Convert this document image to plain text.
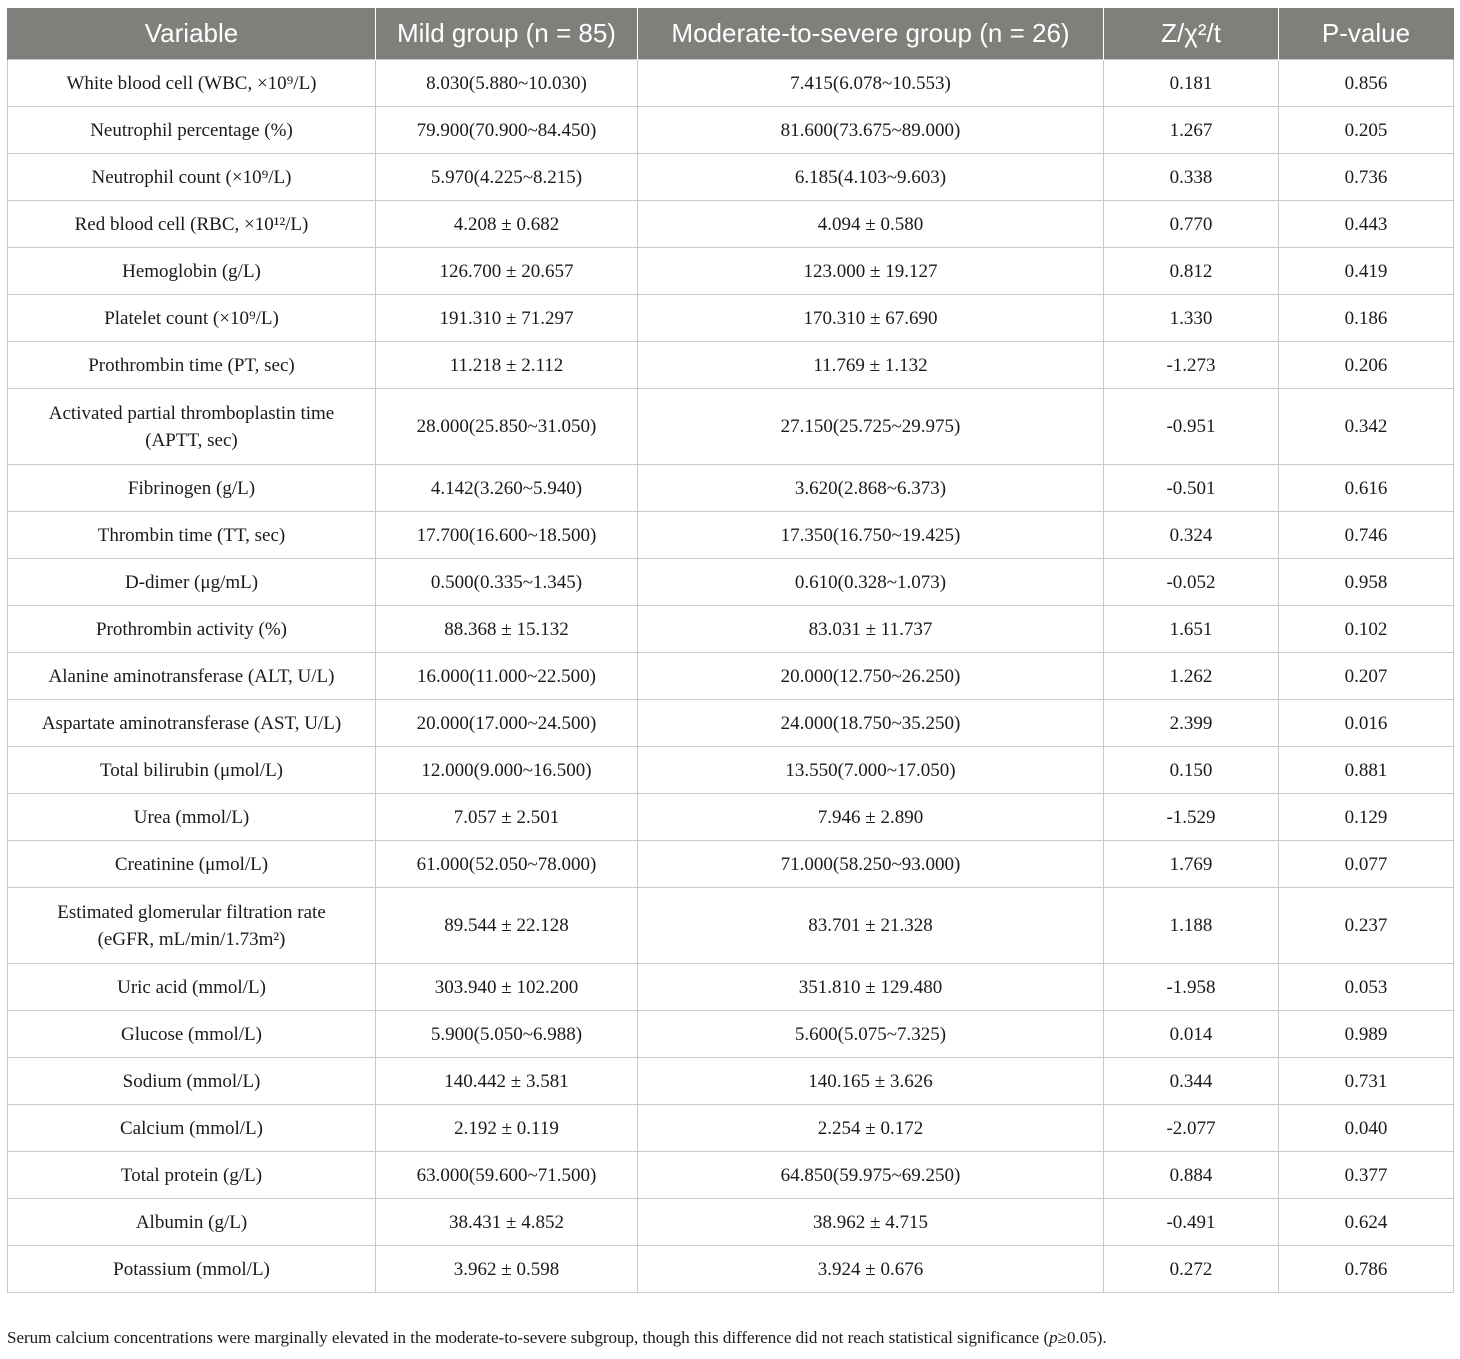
Variable	Mild group (n = 85)	Moderate-to-severe group (n = 26)	Z/χ²/t	P-value
White blood cell (WBC, ×10⁹/L)	8.030(5.880~10.030)	7.415(6.078~10.553)	0.181	0.856
Neutrophil percentage (%)	79.900(70.900~84.450)	81.600(73.675~89.000)	1.267	0.205
Neutrophil count (×10⁹/L)	5.970(4.225~8.215)	6.185(4.103~9.603)	0.338	0.736
Red blood cell (RBC, ×10¹²/L)	4.208 ± 0.682	4.094 ± 0.580	0.770	0.443
Hemoglobin (g/L)	126.700 ± 20.657	123.000 ± 19.127	0.812	0.419
Platelet count (×10⁹/L)	191.310 ± 71.297	170.310 ± 67.690	1.330	0.186
Prothrombin time (PT, sec)	11.218 ± 2.112	11.769 ± 1.132	-1.273	0.206
Activated partial thromboplastin time
(APTT, sec)	28.000(25.850~31.050)	27.150(25.725~29.975)	-0.951	0.342
Fibrinogen (g/L)	4.142(3.260~5.940)	3.620(2.868~6.373)	-0.501	0.616
Thrombin time (TT, sec)	17.700(16.600~18.500)	17.350(16.750~19.425)	0.324	0.746
D-dimer (μg/mL)	0.500(0.335~1.345)	0.610(0.328~1.073)	-0.052	0.958
Prothrombin activity (%)	88.368 ± 15.132	83.031 ± 11.737	1.651	0.102
Alanine aminotransferase (ALT, U/L)	16.000(11.000~22.500)	20.000(12.750~26.250)	1.262	0.207
Aspartate aminotransferase (AST, U/L)	20.000(17.000~24.500)	24.000(18.750~35.250)	2.399	0.016
Total bilirubin (μmol/L)	12.000(9.000~16.500)	13.550(7.000~17.050)	0.150	0.881
Urea (mmol/L)	7.057 ± 2.501	7.946 ± 2.890	-1.529	0.129
Creatinine (μmol/L)	61.000(52.050~78.000)	71.000(58.250~93.000)	1.769	0.077
Estimated glomerular filtration rate
(eGFR, mL/min/1.73m²)	89.544 ± 22.128	83.701 ± 21.328	1.188	0.237
Uric acid (mmol/L)	303.940 ± 102.200	351.810 ± 129.480	-1.958	0.053
Glucose (mmol/L)	5.900(5.050~6.988)	5.600(5.075~7.325)	0.014	0.989
Sodium (mmol/L)	140.442 ± 3.581	140.165 ± 3.626	0.344	0.731
Calcium (mmol/L)	2.192 ± 0.119	2.254 ± 0.172	-2.077	0.040
Total protein (g/L)	63.000(59.600~71.500)	64.850(59.975~69.250)	0.884	0.377
Albumin (g/L)	38.431 ± 4.852	38.962 ± 4.715	-0.491	0.624
Potassium (mmol/L)	3.962 ± 0.598	3.924 ± 0.676	0.272	0.786
Serum calcium concentrations were marginally elevated in the moderate-to-severe subgroup, though this difference did not reach statistical significance (p≥0.05).
